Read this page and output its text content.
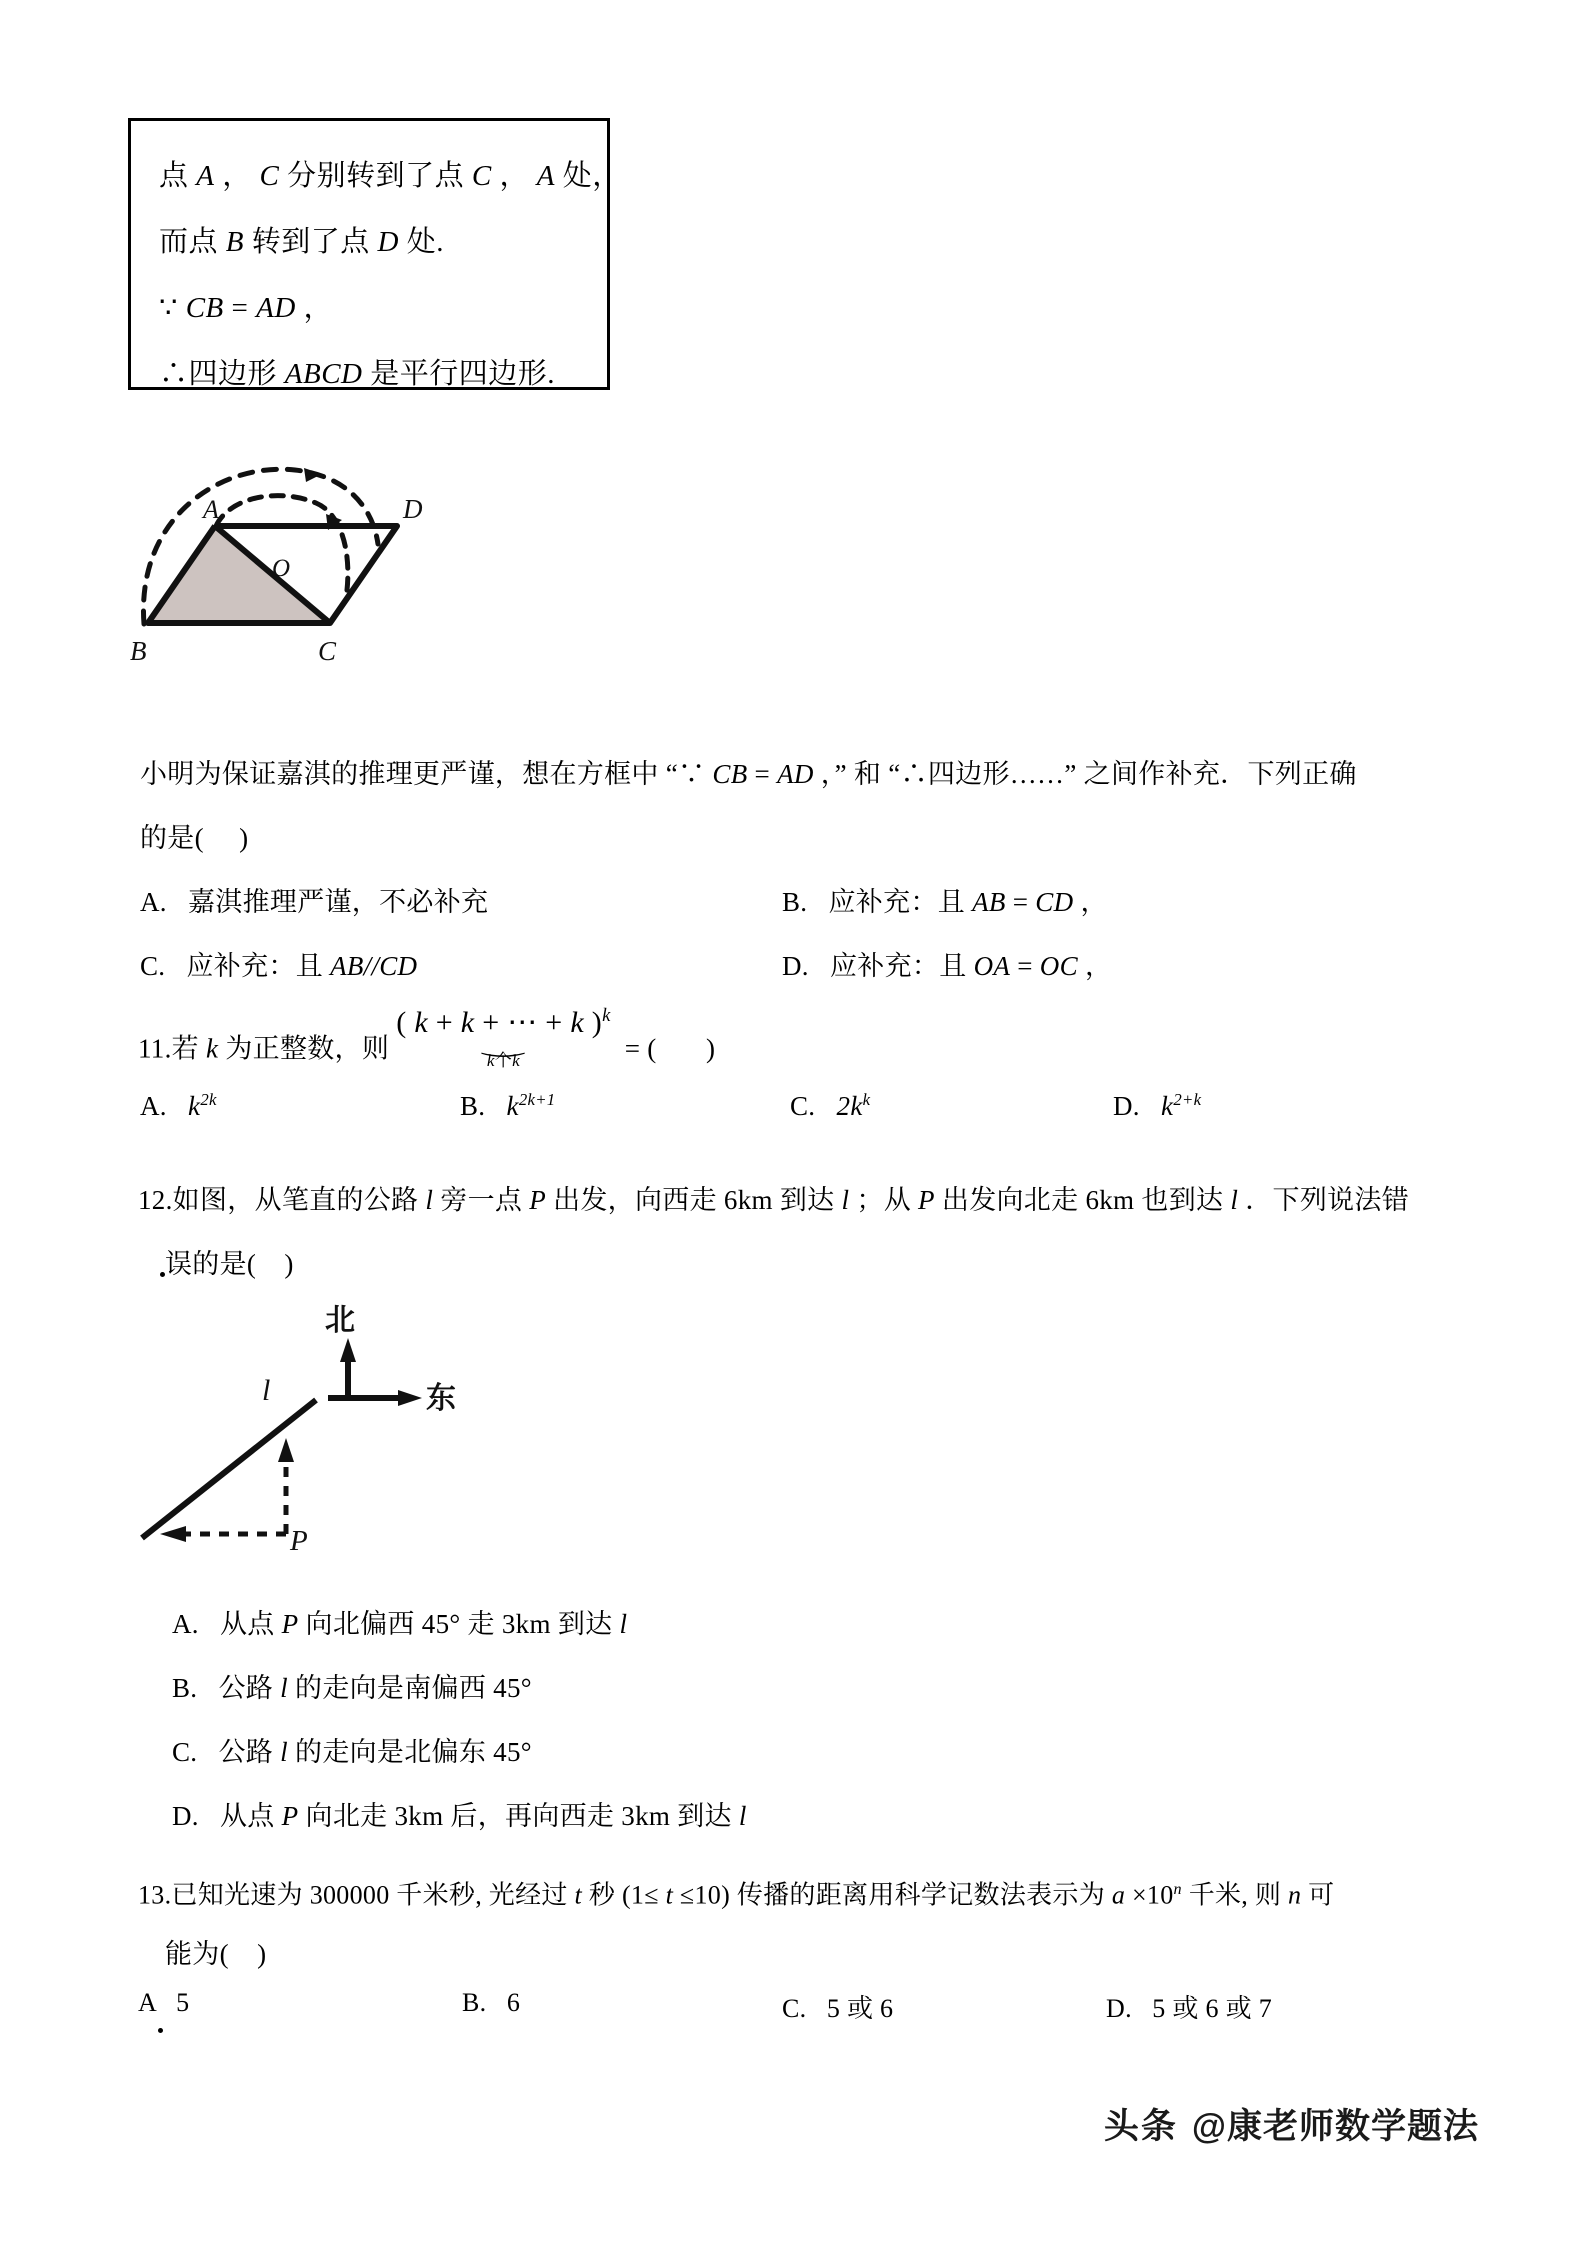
点 A ， C 分别转到了点 C ， A 处，
而点 B 转到了点 D 处.
∵ CB = AD ，
∴四边形 ABCD 是平行四边形.
A
B	C
D
O
小明为保证嘉淇的推理更严谨，想在方框中 “∵ CB = AD ，” 和 “∴四边形……” 之间作补充．下列正确
的是(     )
A.   嘉淇推理严谨，不必补充	B.   应补充：且 AB = CD ，
C.   应补充：且 AB//CD	D.   应补充：且 OA = OC ，
11.若 k 为正整数，则
( k + k + ⋯ + k )$^k$
⏝
k个k	= (       )
A. $k^{2k}$	B. $k^{2k+1}$	C. $2k^k$	D. $k^{2+k}$
12.如图，从笔直的公路 l 旁一点 P 出发，向西走 6km 到达 l ；从 P 出发向北走 6km 也到达 l ．下列说法错
误的是(    )
北
东
l
P
A.   从点 P 向北偏西 45° 走 3km 到达 l
B.   公路 l 的走向是南偏西 45°
C.   公路 l 的走向是北偏东 45°
D.   从点 P 向北走 3km 后，再向西走 3km 到达 l
13.已知光速为 300000 千米秒, 光经过 t 秒 (1≤ t ≤10) 传播的距离用科学记数法表示为 $a \times 10^n$ 千米, 则 n 可
能为(    )
A 5	B. 6	C. 5 或 6	D. 5 或 6 或 7
头条 @康老师数学题法
